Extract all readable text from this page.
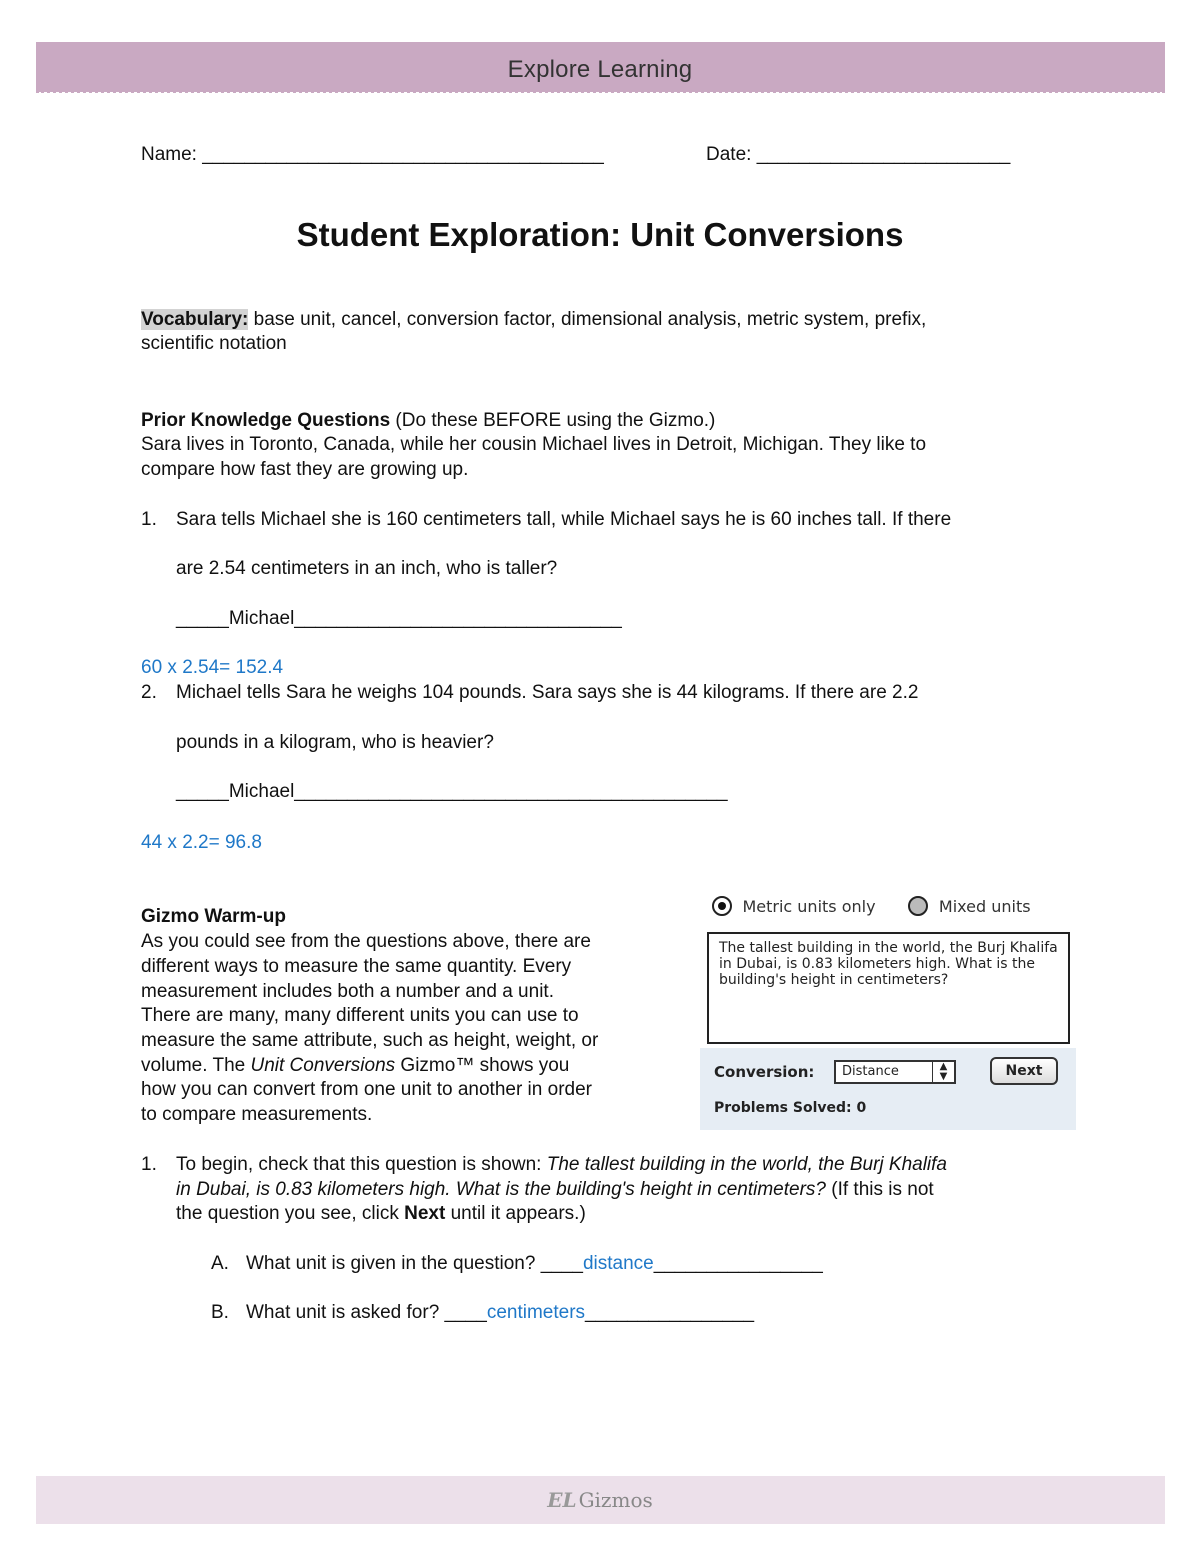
Explore Learning
Name: ______________________________________	Date: ________________________
Student Exploration: Unit Conversions
Vocabulary: base unit, cancel, conversion factor, dimensional analysis, metric system, prefix,
scientific notation
Prior Knowledge Questions (Do these BEFORE using the Gizmo.)
Sara lives in Toronto, Canada, while her cousin Michael lives in Detroit, Michigan. They like to
compare how fast they are growing up.
1. Sara tells Michael she is 160 centimeters tall, while Michael says he is 60 inches tall. If there
are 2.54 centimeters in an inch, who is taller?
_____Michael_______________________________
60 x 2.54= 152.4
2. Michael tells Sara he weighs 104 pounds. Sara says she is 44 kilograms. If there are 2.2
pounds in a kilogram, who is heavier?
_____Michael_________________________________________
44 x 2.2= 96.8
Gizmo Warm-up
As you could see from the questions above, there are
different ways to measure the same quantity. Every
measurement includes both a number and a unit.
There are many, many different units you can use to
measure the same attribute, such as height, weight, or
volume. The Unit Conversions Gizmo™ shows you
how you can convert from one unit to another in order
to compare measurements.
Metric units only	Mixed units
The tallest building in the world, the Burj Khalifa in Dubai, is 0.83 kilometers high. What is the building's height in centimeters?
Conversion:	Distance	▲
▼	Next
Problems Solved: 0
1. To begin, check that this question is shown: The tallest building in the world, the Burj Khalifa
in Dubai, is 0.83 kilometers high. What is the building's height in centimeters? (If this is not
the question you see, click Next until it appears.)
A. What unit is given in the question? ____distance________________
B. What unit is asked for? ____centimeters________________
EL Gizmos
